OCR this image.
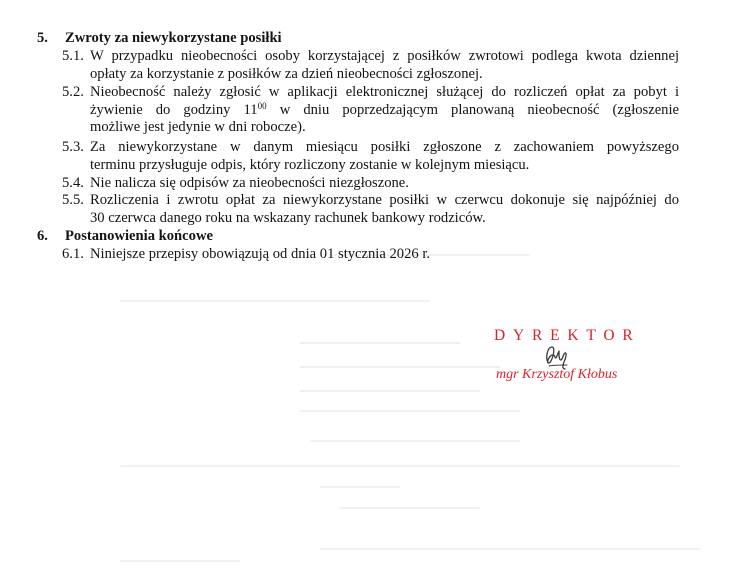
5. Zwroty za niewykorzystane posiłki
5.1. W przypadku nieobecności osoby korzystającej z posiłków zwrotowi podlega kwota dziennej
opłaty za korzystanie z posiłków za dzień nieobecności zgłoszonej.
5.2. Nieobecność należy zgłosić w aplikacji elektronicznej służącej do rozliczeń opłat za pobyt i
żywienie do godziny $11^{00}$ w dniu poprzedzającym planowaną nieobecność (zgłoszenie
możliwe jest jedynie w dni robocze).
5.3. Za niewykorzystane w danym miesiącu posiłki zgłoszone z zachowaniem powyższego
terminu przysługuje odpis, który rozliczony zostanie w kolejnym miesiącu.
5.4. Nie nalicza się odpisów za nieobecności niezgłoszone.
5.5. Rozliczenia i zwrotu opłat za niewykorzystane posiłki w czerwcu dokonuje się najpóźniej do
30 czerwca danego roku na wskazany rachunek bankowy rodziców.
6. Postanowienia końcowe
6.1. Niniejsze przepisy obowiązują od dnia 01 stycznia 2026 r.
DYREKTOR
mgr Krzysztof Kłobus
